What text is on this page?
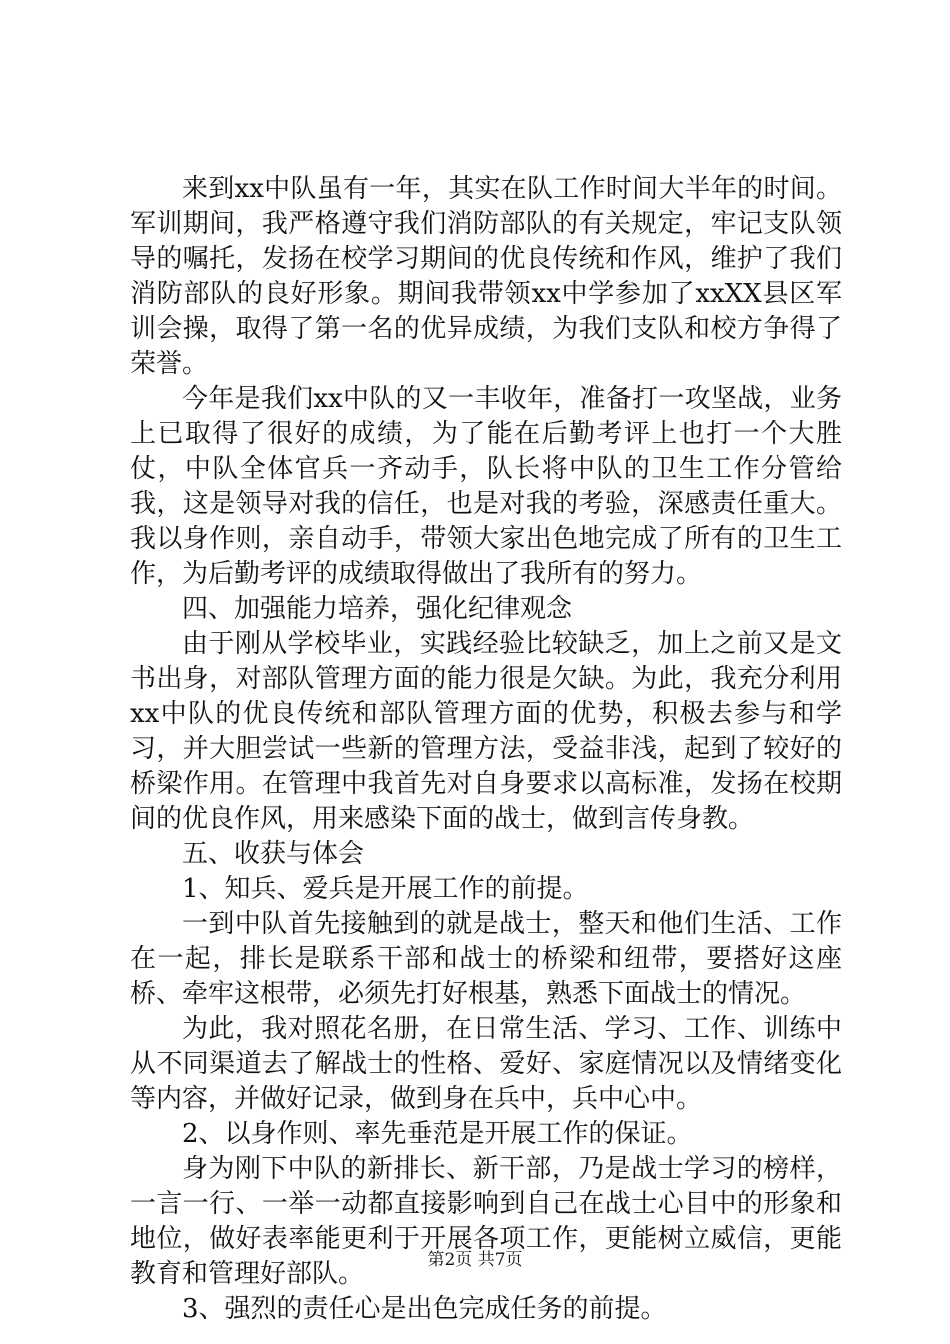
来到xx中队虽有一年，其实在队工作时间大半年的时间。军训期间，我严格遵守我们消防部队的有关规定，牢记支队领导的嘱托，发扬在校学习期间的优良传统和作风，维护了我们消防部队的良好形象。期间我带领xx中学参加了xxXX县区军训会操，取得了第一名的优异成绩，为我们支队和校方争得了荣誉。

今年是我们xx中队的又一丰收年，准备打一攻坚战，业务上已取得了很好的成绩，为了能在后勤考评上也打一个大胜仗，中队全体官兵一齐动手，队长将中队的卫生工作分管给我，这是领导对我的信任，也是对我的考验，深感责任重大。我以身作则，亲自动手，带领大家出色地完成了所有的卫生工作，为后勤考评的成绩取得做出了我所有的努力。

四、加强能力培养，强化纪律观念

由于刚从学校毕业，实践经验比较缺乏，加上之前又是文书出身，对部队管理方面的能力很是欠缺。为此，我充分利用xx中队的优良传统和部队管理方面的优势，积极去参与和学习，并大胆尝试一些新的管理方法，受益非浅，起到了较好的桥梁作用。在管理中我首先对自身要求以高标准，发扬在校期间的优良作风，用来感染下面的战士，做到言传身教。

五、收获与体会

1、知兵、爱兵是开展工作的前提。

一到中队首先接触到的就是战士，整天和他们生活、工作在一起，排长是联系干部和战士的桥梁和纽带，要搭好这座桥、牵牢这根带，必须先打好根基，熟悉下面战士的情况。

为此，我对照花名册，在日常生活、学习、工作、训练中从不同渠道去了解战士的性格、爱好、家庭情况以及情绪变化等内容，并做好记录，做到身在兵中，兵中心中。

2、以身作则、率先垂范是开展工作的保证。

身为刚下中队的新排长、新干部，乃是战士学习的榜样，一言一行、一举一动都直接影响到自己在战士心目中的形象和地位，做好表率能更利于开展各项工作，更能树立威信，更能教育和管理好部队。

3、强烈的责任心是出色完成任务的前提。

第2页 共7页
